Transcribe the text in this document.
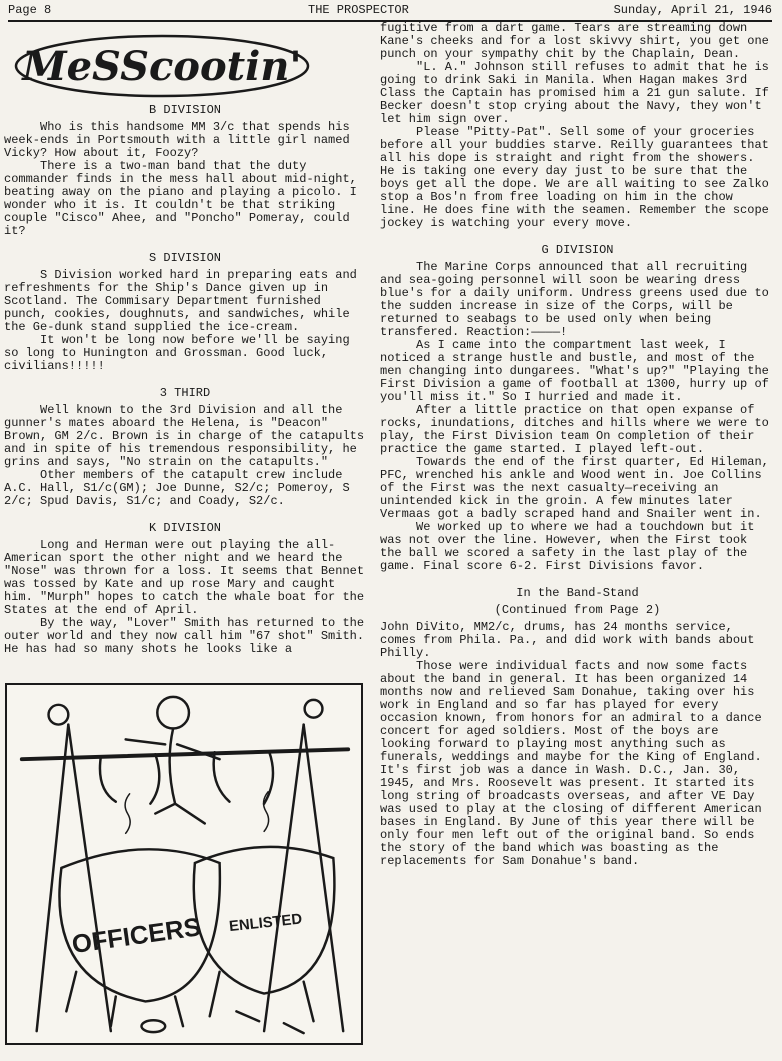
Page 8	THE PROSPECTOR	Sunday, April 21, 1946
MeSScootin'
B DIVISION

Who is this handsome MM 3/c that spends his week-ends in Portsmouth with a little girl named Vicky? How about it, Foozy?

There is a two-man band that the duty commander finds in the mess hall about mid-night, beating away on the piano and playing a picolo. I wonder who it is. It couldn't be that striking couple "Cisco" Ahee, and "Poncho" Pomeray, could it?

S DIVISION

S Division worked hard in preparing eats and refreshments for the Ship's Dance given up in Scotland. The Commisary Department furnished punch, cookies, doughnuts, and sandwiches, while the Ge-dunk stand supplied the ice-cream.

It won't be long now before we'll be saying so long to Hunington and Grossman. Good luck, civilians!!!!!

3 THIRD

Well known to the 3rd Division and all the gunner's mates aboard the Helena, is "Deacon" Brown, GM 2/c. Brown is in charge of the catapults and in spite of his tremendous responsibility, he grins and says, "No strain on the catapults."

Other members of the catapult crew include A.C. Hall, S1/c(GM); Joe Dunne, S2/c; Pomeroy, S 2/c; Spud Davis, S1/c; and Coady, S2/c.

K DIVISION

Long and Herman were out playing the all-American sport the other night and we heard the "Nose" was thrown for a loss. It seems that Bennet was tossed by Kate and up rose Mary and caught him. "Murph" hopes to catch the whale boat for the States at the end of April.

By the way, "Lover" Smith has returned to the outer world and they now call him "67 shot" Smith. He has had so many shots he looks like a

OFFICERS ENLISTED

fugitive from a dart game. Tears are streaming down Kane's cheeks and for a lost skivvy shirt, you get one punch on your sympathy chit by the Chaplain, Dean.

"L. A." Johnson still refuses to admit that he is going to drink Saki in Manila. When Hagan makes 3rd Class the Captain has promised him a 21 gun salute. If Becker doesn't stop crying about the Navy, they won't let him sign over.

Please "Pitty-Pat". Sell some of your groceries before all your buddies starve. Reilly guarantees that all his dope is straight and right from the showers. He is taking one every day just to be sure that the boys get all the dope. We are all waiting to see Zalko stop a Bos'n from free loading on him in the chow line. He does fine with the seamen. Remember the scope jockey is watching your every move.

G DIVISION

The Marine Corps announced that all recruiting and sea-going personnel will soon be wearing dress blue's for a daily uniform. Undress greens used due to the sudden increase in size of the Corps, will be returned to seabags to be used only when being transfered. Reaction:————!

As I came into the compartment last week, I noticed a strange hustle and bustle, and most of the men changing into dungarees. "What's up?" "Playing the First Division a game of football at 1300, hurry up of you'll miss it." So I hurried and made it.

After a little practice on that open expanse of rocks, inundations, ditches and hills where we were to play, the First Division team On completion of their practice the game started. I played left-out.

Towards the end of the first quarter, Ed Hileman, PFC, wrenched his ankle and Wood went in. Joe Collins of the First was the next casualty—receiving an unintended kick in the groin. A few minutes later Vermaas got a badly scraped hand and Snailer went in.

We worked up to where we had a touchdown but it was not over the line. However, when the First took the ball we scored a safety in the last play of the game. Final score 6-2. First Divisions favor.

In the Band-Stand
(Continued from Page 2)

John DiVito, MM2/c, drums, has 24 months service, comes from Phila. Pa., and did work with bands about Philly.

Those were individual facts and now some facts about the band in general. It has been organized 14 months now and relieved Sam Donahue, taking over his work in England and so far has played for every occasion known, from honors for an admiral to a dance concert for aged soldiers. Most of the boys are looking forward to playing most anything such as funerals, weddings and maybe for the King of England. It's first job was a dance in Wash. D.C., Jan. 30, 1945, and Mrs. Roosevelt was present. It started its long string of broadcasts overseas, and after VE Day was used to play at the closing of different American bases in England. By June of this year there will be only four men left out of the original band. So ends the story of the band which was boasting as the replacements for Sam Donahue's band.
